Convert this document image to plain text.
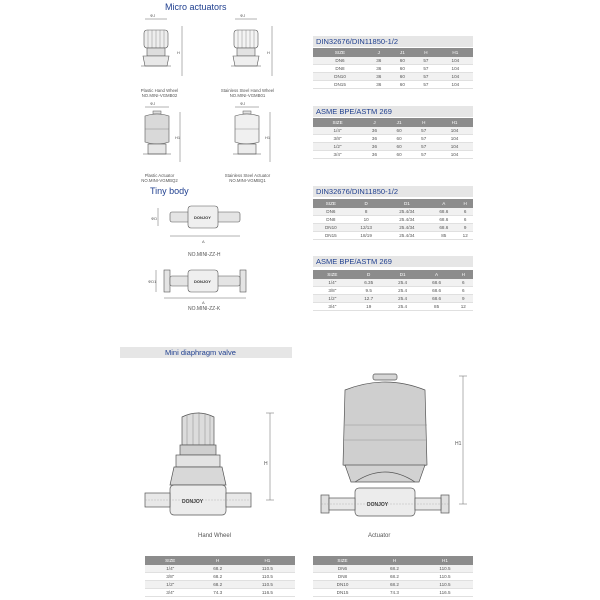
Micro actuators
Tiny body
Mini diaphragm valve
ΦJ
H
Plastic Hand Wheel
NO.MINI-VGMB02
ΦJ
H
Stainless Steel Hand Wheel
NO.MINI-VGMB01
ΦJ
H1
Plastic Actuator
NO.MINI-VGMBQ2
ΦJ
H1
Stainless Steel Actuator
NO.MINI-VGMBQ1
DONJOY
A
ΦD
NO.MINI-ZZ-H
DONJOY
A
ΦD1
NO.MINI-ZZ-K
DIN32676/DIN11850-1/2
SIZE	J	J1	H	H1
DN6	36	60	57	104
DN8	36	60	57	104
DN10	36	60	57	104
DN15	36	60	57	104
ASME BPE/ASTM 269
SIZE	J	J1	H	H1
1/4"	36	60	57	104
3/8"	36	60	57	104
1/2"	36	60	57	104
3/4"	36	60	57	104
DIN32676/DIN11850-1/2
SIZE	D	D1	A	H
DN6	8	25.4/34	68.6	6
DN8	10	25.4/34	68.6	6
DN10	12/13	25.4/34	68.6	9
DN15	18/19	25.4/34	85	12
ASME BPE/ASTM 269
SIZE	D	D1	A	H
1/4"	6.35	25.4	68.6	6
3/8"	9.5	25.4	68.6	6
1/2"	12.7	25.4	68.6	9
3/4"	19	25.4	85	12
DONJOY
H
Hand Wheel
DONJOY
H1
Actuator
SIZE	H	H1
1/4"	68.2	110.5
3/8"	68.2	110.5
1/2"	68.2	110.5
3/4"	74.3	116.5
SIZE	H	H1
DN6	68.2	110.5
DN8	68.2	110.5
DN10	68.2	110.5
DN15	74.3	116.5
